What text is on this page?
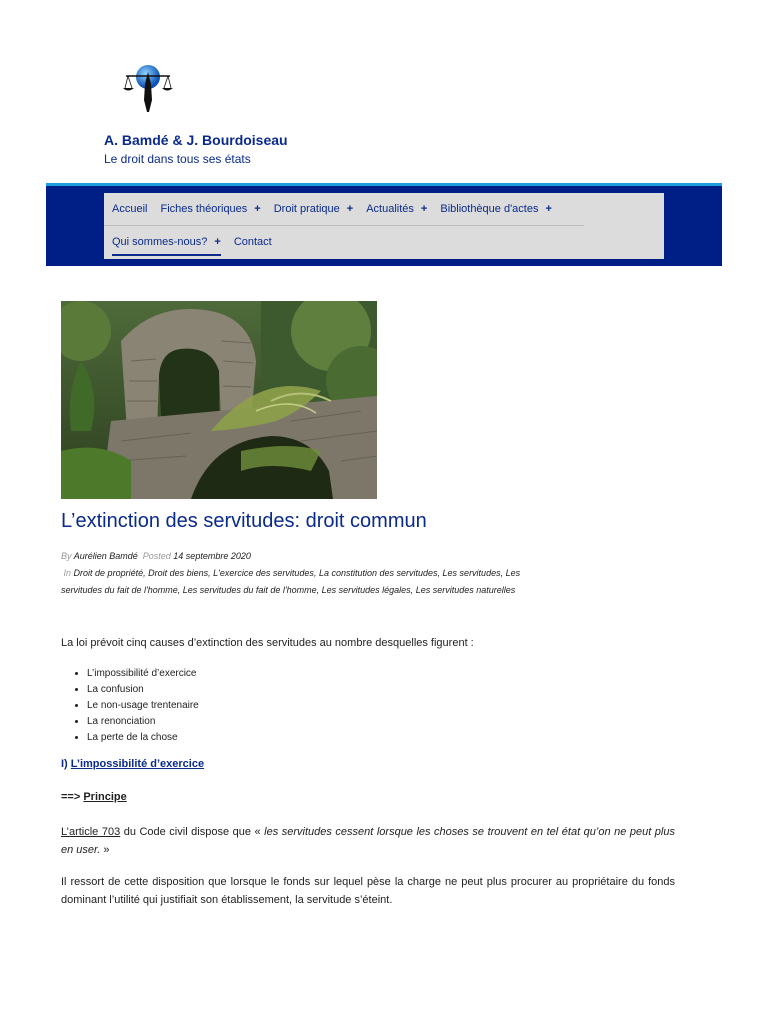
A. Bamdé & J. Bourdoiseau
Le droit dans tous ses états
Accueil Fiches théoriques + Droit pratique + Actualités + Bibliothèque d'actes +
Qui sommes-nous? + Contact
L’extinction des servitudes: droit commun
By Aurélien Bamdé Posted 14 septembre 2020
In Droit de propriété, Droit des biens, L'exercice des servitudes, La constitution des servitudes, Les servitudes, Les servitudes du fait de l'homme, Les servitudes du fait de l'homme, Les servitudes légales, Les servitudes naturelles

La loi prévoit cinq causes d’extinction des servitudes au nombre desquelles figurent :

• L’impossibilité d’exercice
• La confusion
• Le non-usage trentenaire
• La renonciation
• La perte de la chose
I) L’impossibilité d’exercice
==> Principe

L’article 703 du Code civil dispose que « les servitudes cessent lorsque les choses se trouvent en tel état qu’on ne peut plus en user. »

Il ressort de cette disposition que lorsque le fonds sur lequel pèse la charge ne peut plus procurer au propriétaire du fonds dominant l’utilité qui justifiait son établissement, la servitude s’éteint.
